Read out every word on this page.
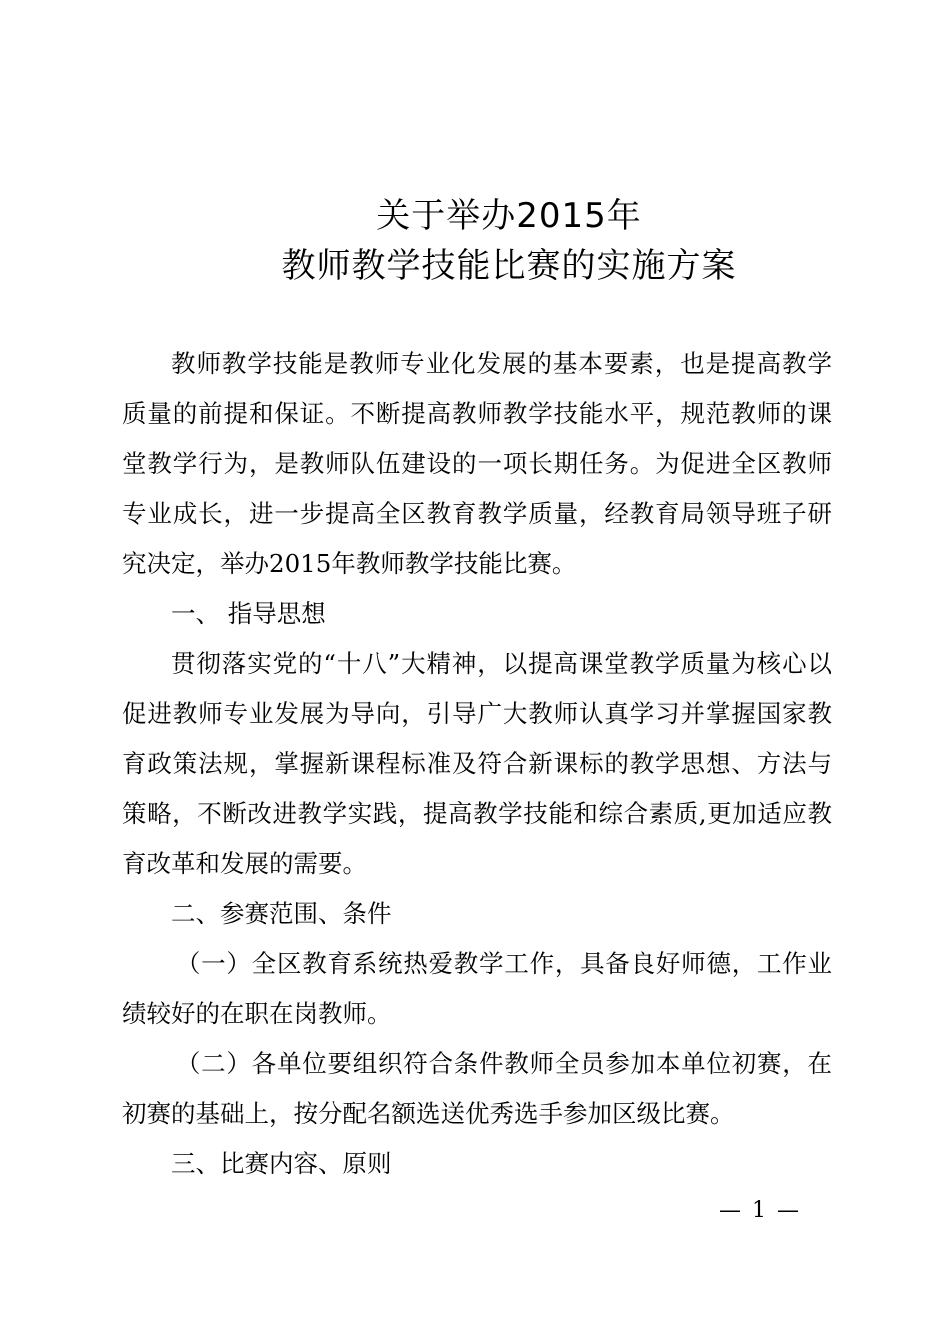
关于举办2015年
教师教学技能比赛的实施方案

教师教学技能是教师专业化发展的基本要素，也是提高教学质量的前提和保证。不断提高教师教学技能水平，规范教师的课堂教学行为，是教师队伍建设的一项长期任务。为促进全区教师专业成长，进一步提高全区教育教学质量，经教育局领导班子研究决定，举办2015年教师教学技能比赛。

一、 指导思想

贯彻落实党的“十八”大精神，以提高课堂教学质量为核心以促进教师专业发展为导向，引导广大教师认真学习并掌握国家教育政策法规，掌握新课程标准及符合新课标的教学思想、方法与策略，不断改进教学实践，提高教学技能和综合素质,更加适应教育改革和发展的需要。

二、参赛范围、条件

（一）全区教育系统热爱教学工作，具备良好师德，工作业绩较好的在职在岗教师。

（二）各单位要组织符合条件教师全员参加本单位初赛，在初赛的基础上，按分配名额选送优秀选手参加区级比赛。

三、比赛内容、原则

— 1 —
